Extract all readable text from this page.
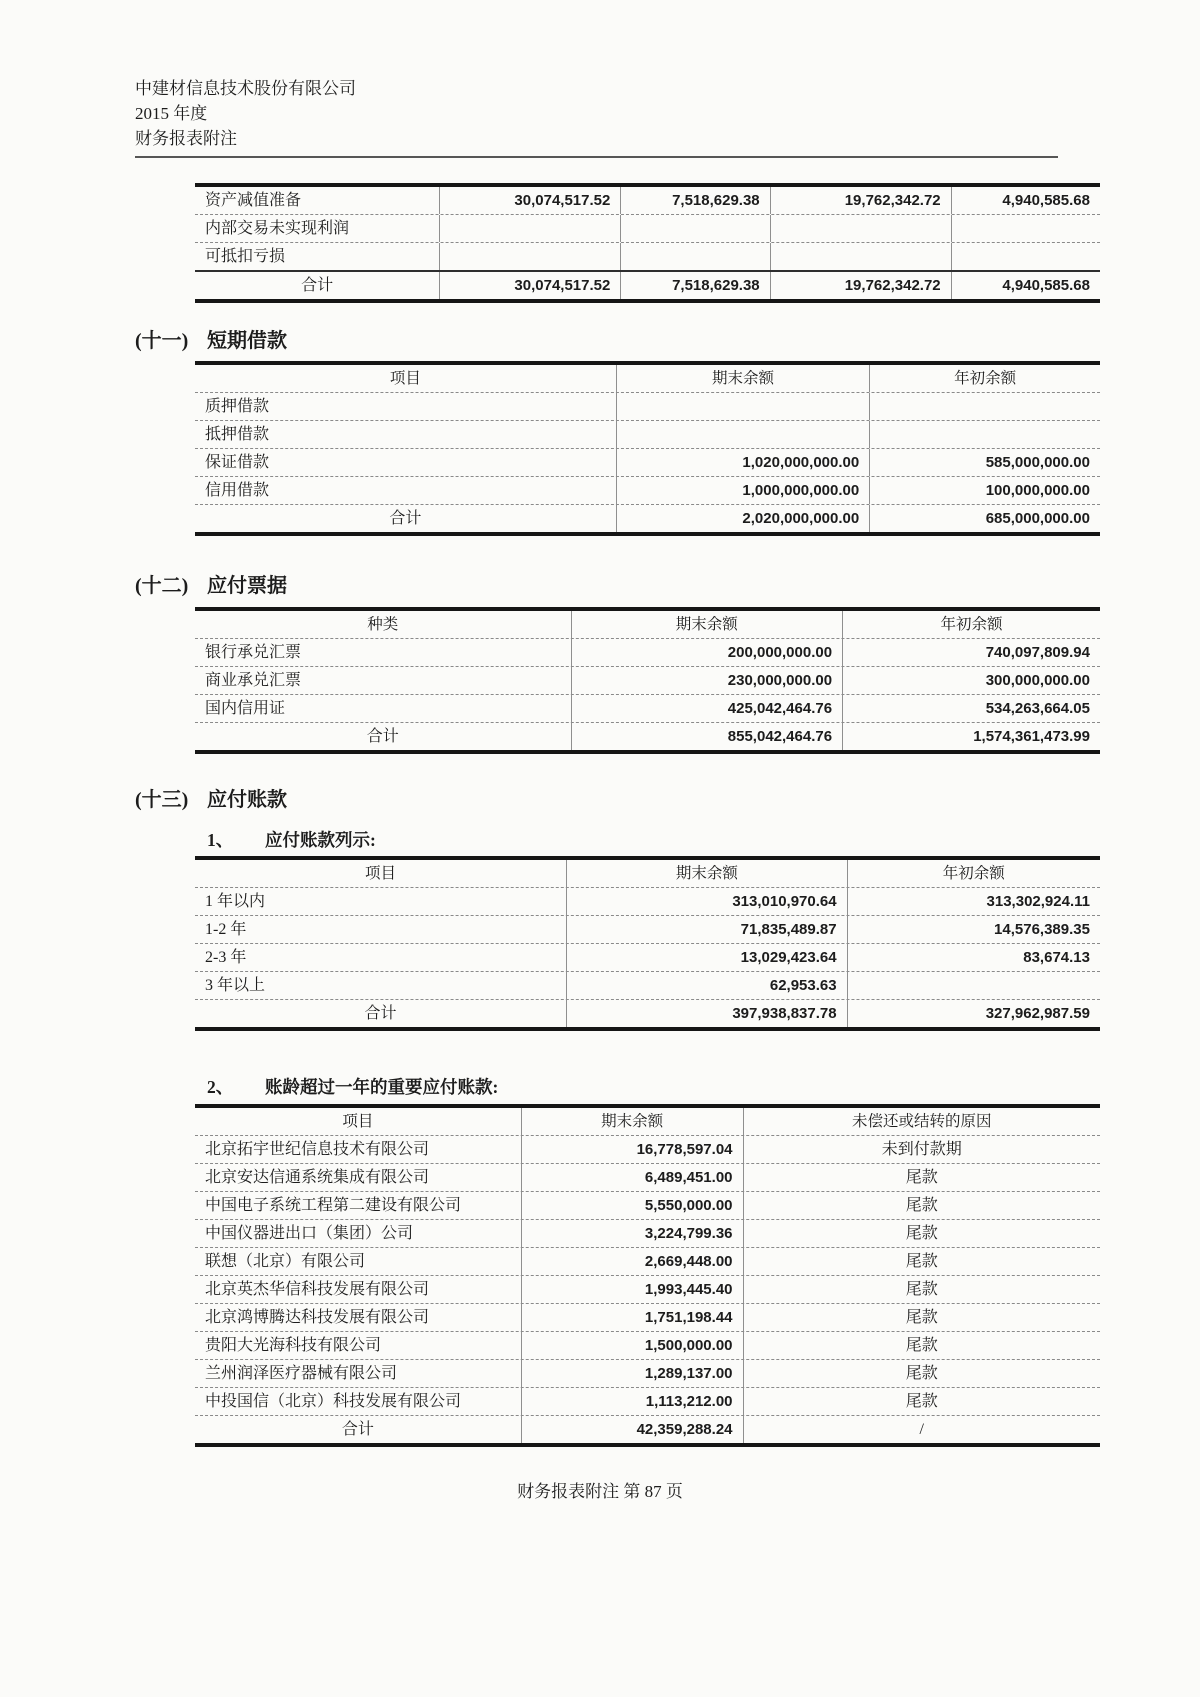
中建材信息技术股份有限公司
2015 年度
财务报表附注
资产减值准备	30,074,517.52	7,518,629.38	19,762,342.72	4,940,585.68
内部交易未实现利润
可抵扣亏损
合计	30,074,517.52	7,518,629.38	19,762,342.72	4,940,585.68
(十一) 短期借款
项目	期末余额	年初余额
质押借款
抵押借款
保证借款	1,020,000,000.00	585,000,000.00
信用借款	1,000,000,000.00	100,000,000.00
合计	2,020,000,000.00	685,000,000.00
(十二) 应付票据
种类	期末余额	年初余额
银行承兑汇票	200,000,000.00	740,097,809.94
商业承兑汇票	230,000,000.00	300,000,000.00
国内信用证	425,042,464.76	534,263,664.05
合计	855,042,464.76	1,574,361,473.99
(十三) 应付账款
1、	应付账款列示:
项目	期末余额	年初余额
1 年以内	313,010,970.64	313,302,924.11
1-2 年	71,835,489.87	14,576,389.35
2-3 年	13,029,423.64	83,674.13
3 年以上	62,953.63
合计	397,938,837.78	327,962,987.59
2、	账龄超过一年的重要应付账款:
项目	期末余额	未偿还或结转的原因
北京拓宇世纪信息技术有限公司	16,778,597.04	未到付款期
北京安达信通系统集成有限公司	6,489,451.00	尾款
中国电子系统工程第二建设有限公司	5,550,000.00	尾款
中国仪器进出口（集团）公司	3,224,799.36	尾款
联想（北京）有限公司	2,669,448.00	尾款
北京英杰华信科技发展有限公司	1,993,445.40	尾款
北京鸿博腾达科技发展有限公司	1,751,198.44	尾款
贵阳大光海科技有限公司	1,500,000.00	尾款
兰州润泽医疗器械有限公司	1,289,137.00	尾款
中投国信（北京）科技发展有限公司	1,113,212.00	尾款
合计	42,359,288.24	/
财务报表附注 第 87 页
